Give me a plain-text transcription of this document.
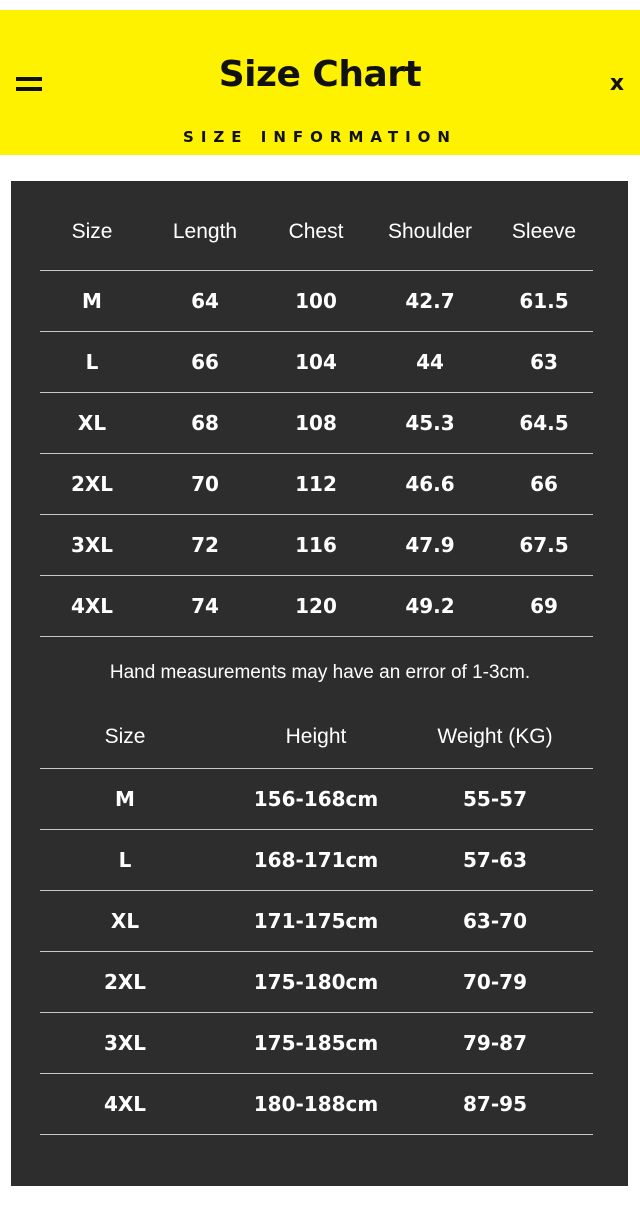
Size Chart	x
SIZE INFORMATION
Size	Length	Chest	Shoulder	Sleeve
M	64	100	42.7	61.5
L	66	104	44	63
XL	68	108	45.3	64.5
2XL	70	112	46.6	66
3XL	72	116	47.9	67.5
4XL	74	120	49.2	69
Hand measurements may have an error of 1-3cm.
Size	Height	Weight (KG)
M	156-168cm	55-57
L	168-171cm	57-63
XL	171-175cm	63-70
2XL	175-180cm	70-79
3XL	175-185cm	79-87
4XL	180-188cm	87-95
